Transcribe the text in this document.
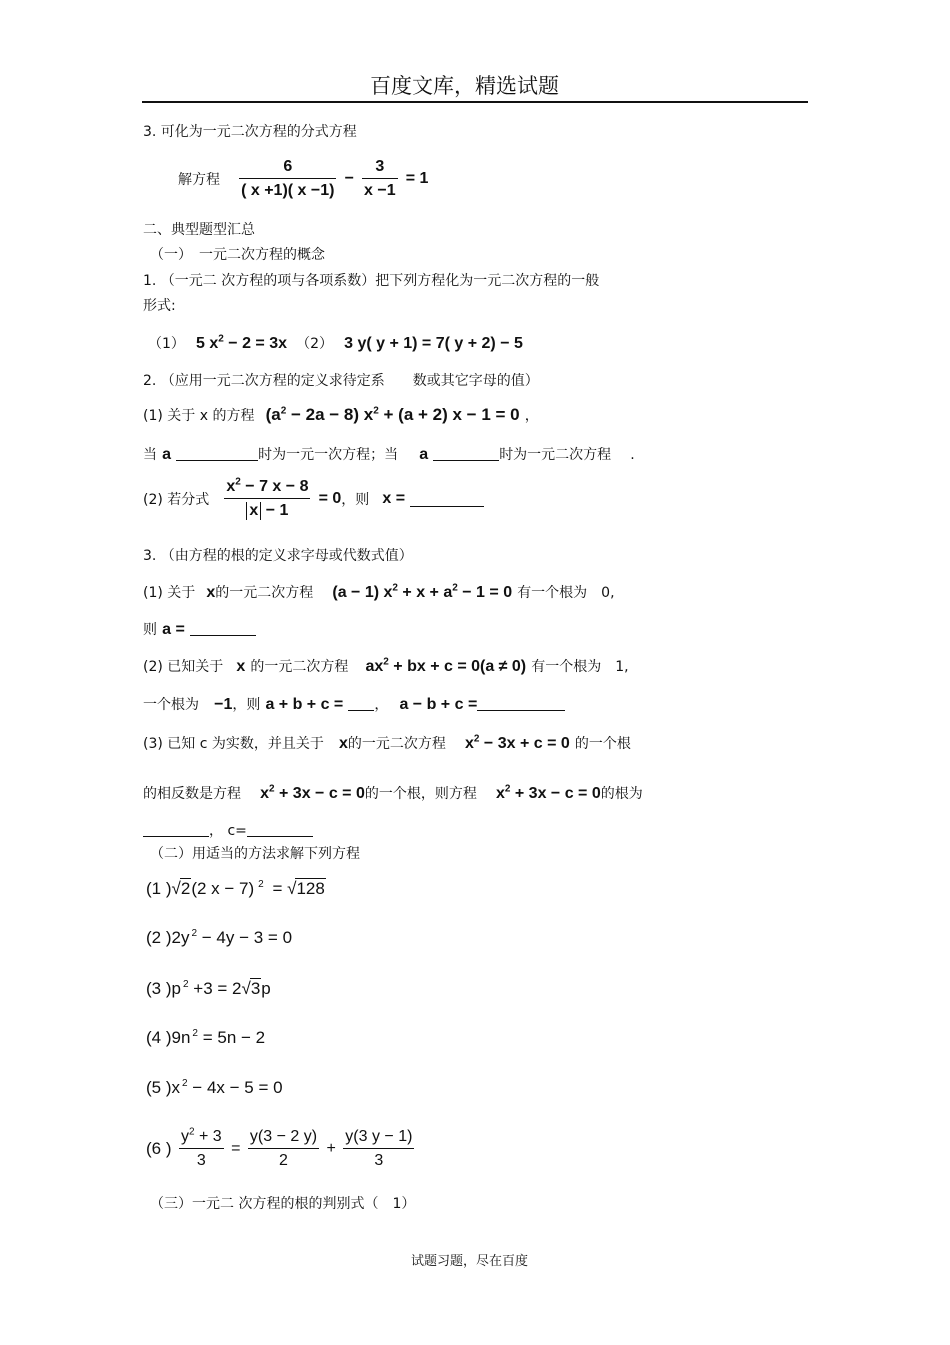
百度文库，精选试题
3. 可化为一元二次方程的分式方程
解方程 $\frac{6}{( x +1)( x -1)} - \frac{3}{x -1} = 1$
二、典型题型汇总
（一）　一元二次方程的概念
1. （一元二 次方程的项与各项系数）把下列方程化为一元二次方程的一般
形式:
（1） 5 $x^2 - 2 = 3x$ （2） 3 y( y + 1) = 7( y + 2) − 5
2. （应用一元二次方程的定义求待定系　　数或其它字母的值）
(1) 关于 x 的方程 $(a^2 - 2a - 8) x^2 + (a + 2) x - 1 = 0$ ，
当 a	时为一元一次方程；当 a	时为一元二次方程 .
(2) 若分式 $\frac{x^2 - 7 x - 8}{x - 1} = 0$，则 x =
3. （由方程的根的定义求字母或代数式值）
(1) 关于 x的一元二次方程 (a − 1) $x^2 + x + a^2 - 1 = 0$ 有一个根为　0,
则 a =
(2) 已知关于 x 的一元二次方程 $ax^2$ + bx + c = 0(a ≠ 0) 有一个根为　1,
一个根为 −1，则 a + b + c = ， a − b + c =
(3) 已知 c 为实数，并且关于 x的一元二次方程 $x^2 - 3x + c = 0$ 的一个根
的相反数是方程 $x^2 + 3x - c = 0$的一个根，则方程 $x^2 + 3x - c = 0$的根为
， c=
（二）用适当的方法求解下列方程
(1 )√2(2 x − 7) $^2$ = √128
(2 )2y $^2$ − 4y − 3 = 0
(3 )p $^2$ +3 = 2√3p
(4 )9n $^2$ = 5n − 2
(5 )x $^2$ − 4x − 5 = 0
(6 ) $\frac{y^2 + 3}{3} = \frac{y(3 - 2 y)}{2} + \frac{y(3 y - 1)}{3}$
（三）一元二 次方程的根的判别式（　1）
试题习题，尽在百度
